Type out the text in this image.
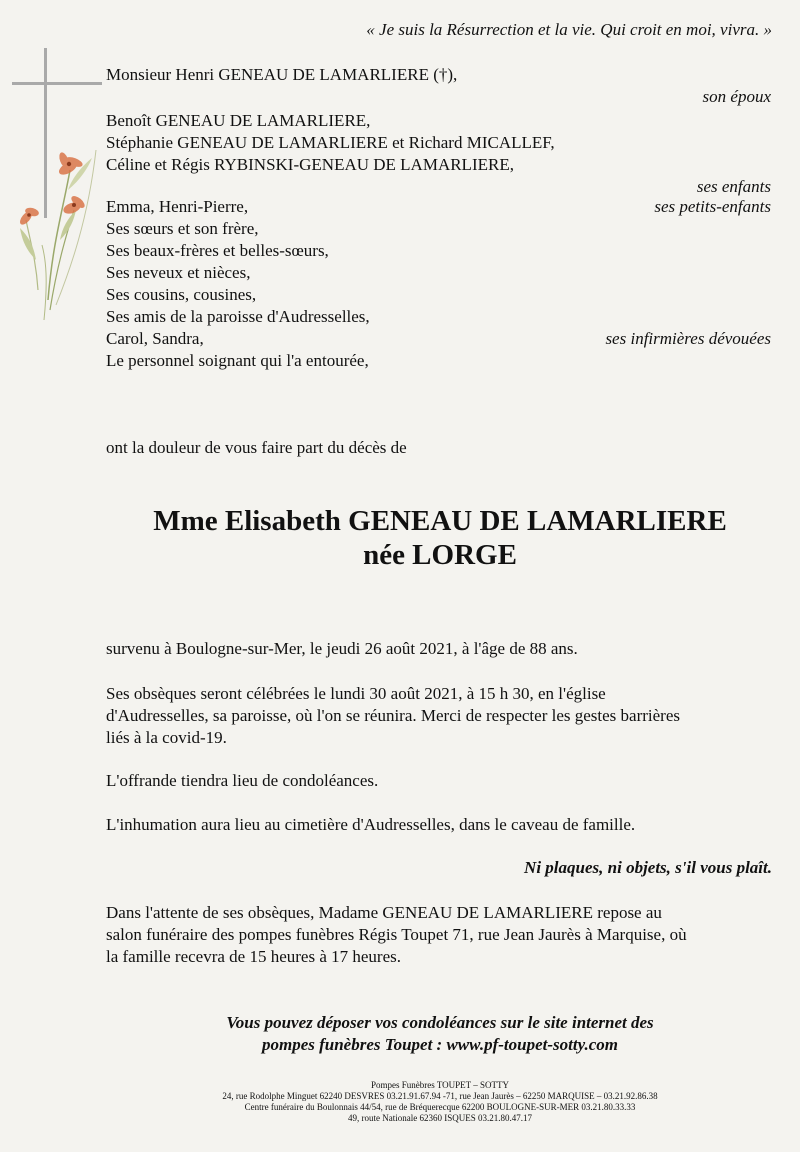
« Je suis la Résurrection et la vie. Qui croit en moi, vivra. »
Monsieur Henri GENEAU DE LAMARLIERE (†),
son époux
Benoît GENEAU DE LAMARLIERE,
Stéphanie GENEAU DE LAMARLIERE et Richard MICALLEF,
Céline et Régis RYBINSKI-GENEAU DE LAMARLIERE,
ses enfants
Emma, Henri-Pierre,	ses petits-enfants
Ses sœurs et son frère,
Ses beaux-frères et belles-sœurs,
Ses neveux et nièces,
Ses cousins, cousines,
Ses amis de la paroisse d'Audresselles,
Carol, Sandra,	ses infirmières dévouées
Le personnel soignant qui l'a entourée,
ont la douleur de vous faire part du décès de
Mme Elisabeth GENEAU DE LAMARLIERE
née LORGE
survenu à Boulogne-sur-Mer, le jeudi 26 août 2021, à l'âge de 88 ans.
Ses obsèques seront célébrées le lundi 30 août 2021, à 15 h 30, en l'église
d'Audresselles, sa paroisse, où l'on se réunira. Merci de respecter les gestes barrières
liés à la covid-19.
L'offrande tiendra lieu de condoléances.
L'inhumation aura lieu au cimetière d'Audresselles, dans le caveau de famille.
Ni plaques, ni objets, s'il vous plaît.
Dans l'attente de ses obsèques, Madame GENEAU DE LAMARLIERE repose au
salon funéraire des pompes funèbres Régis Toupet 71, rue Jean Jaurès à Marquise, où
la famille recevra de 15 heures à 17 heures.
Vous pouvez déposer vos condoléances sur le site internet des
pompes funèbres Toupet : www.pf-toupet-sotty.com
Pompes Funèbres TOUPET – SOTTY
24, rue Rodolphe Minguet 62240 DESVRES 03.21.91.67.94 -71, rue Jean Jaurès – 62250 MARQUISE – 03.21.92.86.38
Centre funéraire du Boulonnais 44/54, rue de Bréquerecque 62200 BOULOGNE-SUR-MER 03.21.80.33.33
49, route Nationale 62360 ISQUES 03.21.80.47.17
